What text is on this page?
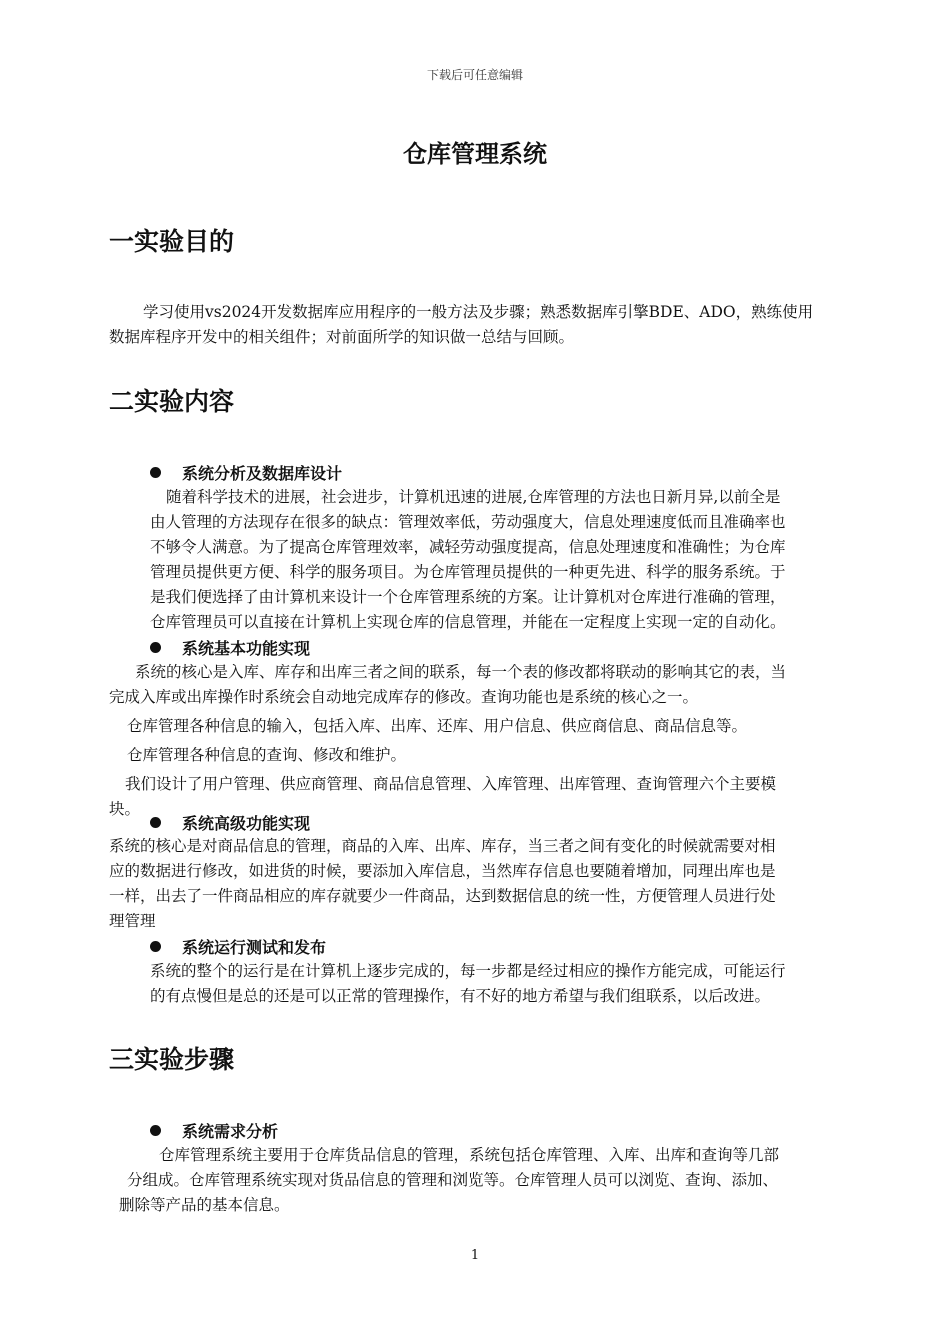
下载后可任意编辑
仓库管理系统
一实验目的
学习使用vs2024开发数据库应用程序的一般方法及步骤；熟悉数据库引擎BDE、ADO，熟练使用
数据库程序开发中的相关组件；对前面所学的知识做一总结与回顾。
二实验内容
系统分析及数据库设计
随着科学技术的进展，社会进步，计算机迅速的进展,仓库管理的方法也日新月异,以前全是
由人管理的方法现存在很多的缺点：管理效率低，劳动强度大，信息处理速度低而且准确率也
不够令人满意。为了提高仓库管理效率，减轻劳动强度提高，信息处理速度和准确性；为仓库
管理员提供更方便、科学的服务项目。为仓库管理员提供的一种更先进、科学的服务系统。于
是我们便选择了由计算机来设计一个仓库管理系统的方案。让计算机对仓库进行准确的管理，
仓库管理员可以直接在计算机上实现仓库的信息管理，并能在一定程度上实现一定的自动化。
系统基本功能实现
系统的核心是入库、库存和出库三者之间的联系，每一个表的修改都将联动的影响其它的表，当
完成入库或出库操作时系统会自动地完成库存的修改。查询功能也是系统的核心之一。
仓库管理各种信息的输入，包括入库、出库、还库、用户信息、供应商信息、商品信息等。
仓库管理各种信息的查询、修改和维护。
我们设计了用户管理、供应商管理、商品信息管理、入库管理、出库管理、查询管理六个主要模
块。
系统高级功能实现
系统的核心是对商品信息的管理，商品的入库、出库、库存，当三者之间有变化的时候就需要对相
应的数据进行修改，如进货的时候，要添加入库信息，当然库存信息也要随着增加，同理出库也是
一样，出去了一件商品相应的库存就要少一件商品，达到数据信息的统一性，方便管理人员进行处
理管理
系统运行测试和发布
系统的整个的运行是在计算机上逐步完成的，每一步都是经过相应的操作方能完成，可能运行
的有点慢但是总的还是可以正常的管理操作，有不好的地方希望与我们组联系，以后改进。
三实验步骤
系统需求分析
仓库管理系统主要用于仓库货品信息的管理，系统包括仓库管理、入库、出库和查询等几部
分组成。仓库管理系统实现对货品信息的管理和浏览等。仓库管理人员可以浏览、查询、添加、
删除等产品的基本信息。
1
